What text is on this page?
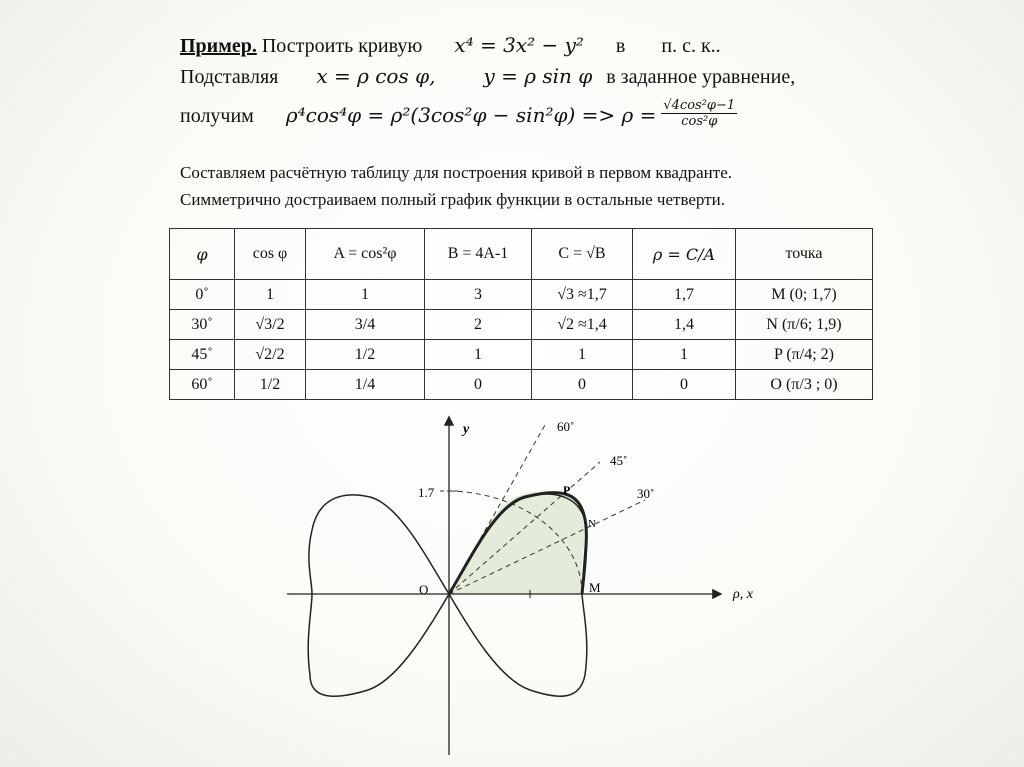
Пример. Построить кривую x⁴ = 3x² − y² в п. с. к..
Подставляя x = ρ cos φ, y = ρ sin φ в заданное уравнение,
получим $\rho^4\cos^4\varphi = \rho^2(3\cos^2\varphi - \sin^2\varphi) => \rho = \frac{\text{√4cos²φ−1}}{\text{cos²φ}}$
Составляем расчётную таблицу для построения кривой в первом квадранте.
Симметрично достраиваем полный график функции в остальные четверти.
φ	cos φ	A = cos²φ	B = 4A-1	C = √B	ρ = C/A	точка
0˚	1	1	3	√3 ≈1,7	1,7	M (0; 1,7)
30˚	√3/2	3/4	2	√2 ≈1,4	1,4	N (π/6; 1,9)
45˚	√2/2	1/2	1	1	1	P (π/4; 2)
60˚	1/2	1/4	0	0	0	O (π/3 ; 0)
y
ρ, x
1.7
O	M
N
P
60˚
45˚
30˚
